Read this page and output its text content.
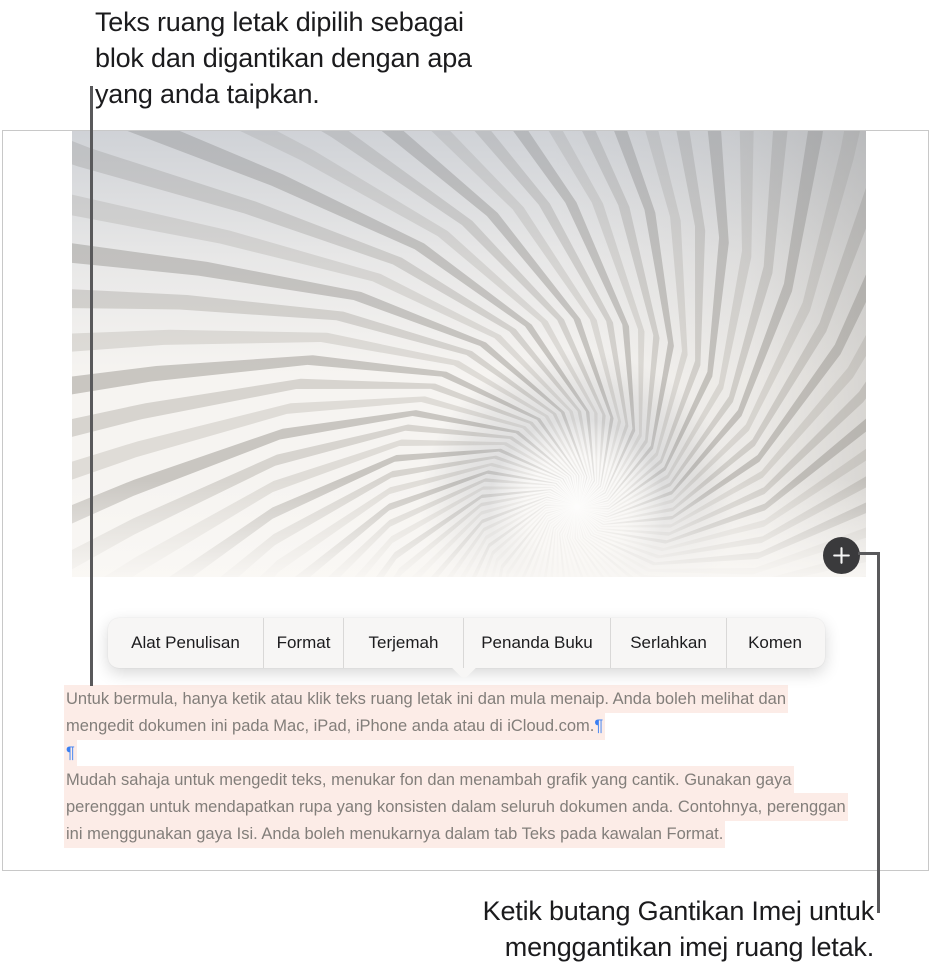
Teks ruang letak dipilih sebagai
blok dan digantikan dengan apa
yang anda taipkan.
Alat Penulisan	Format	Terjemah	Penanda Buku	Serlahkan	Komen
Untuk bermula, hanya ketik atau klik teks ruang letak ini dan mula menaip. Anda boleh melihat dan
mengedit dokumen ini pada Mac, iPad, iPhone anda atau di iCloud.com.¶
¶
Mudah sahaja untuk mengedit teks, menukar fon dan menambah grafik yang cantik. Gunakan gaya
perenggan untuk mendapatkan rupa yang konsisten dalam seluruh dokumen anda. Contohnya, perenggan
ini menggunakan gaya Isi. Anda boleh menukarnya dalam tab Teks pada kawalan Format.
Ketik butang Gantikan Imej untuk
menggantikan imej ruang letak.
